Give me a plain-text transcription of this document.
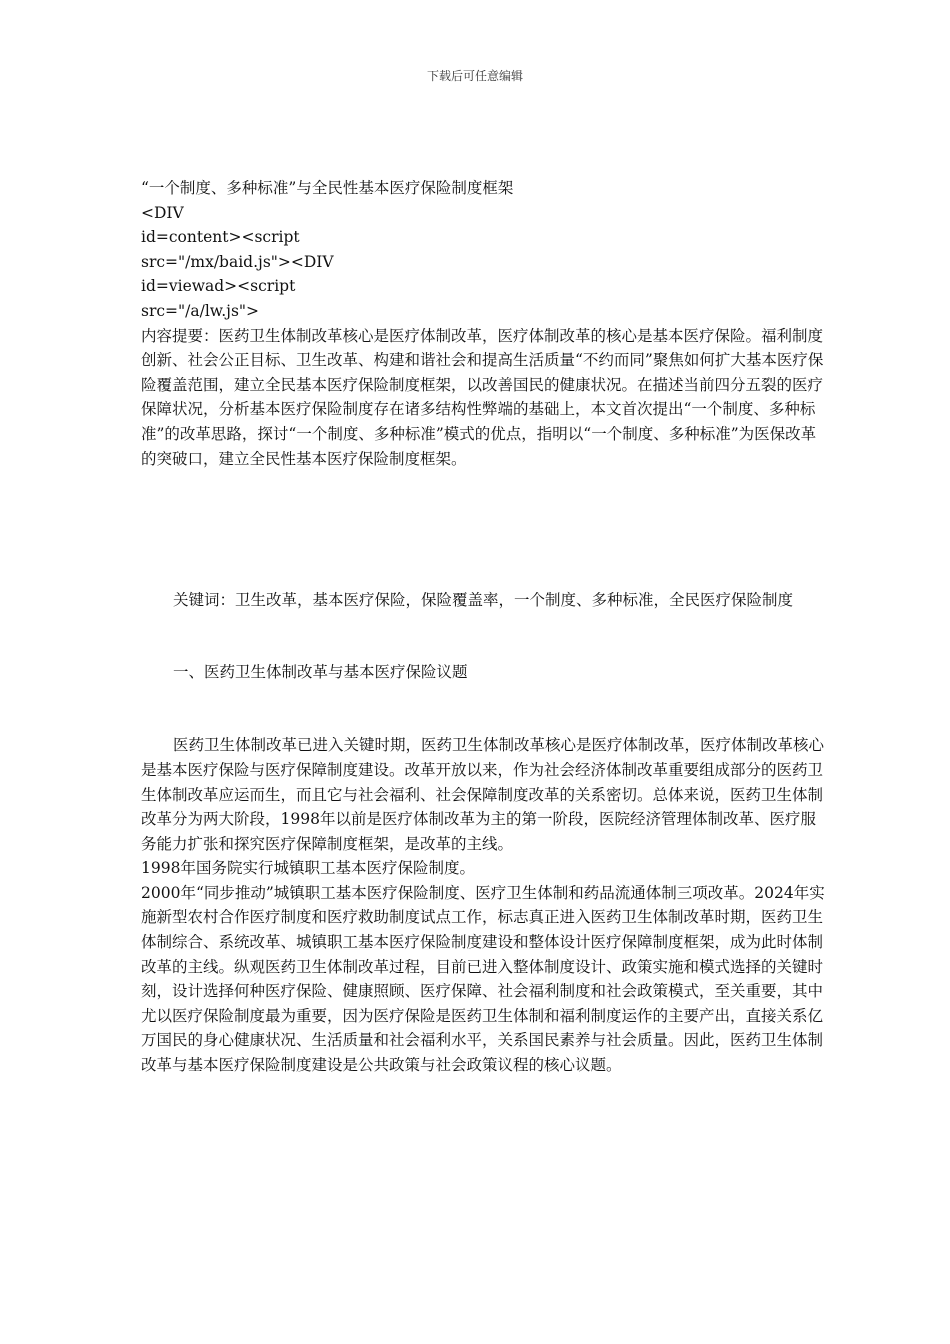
下载后可任意编辑

“一个制度、多种标准”与全民性基本医疗保险制度框架

<DIV

id=content><script

src="/mx/baid.js"><DIV

id=viewad><script

src="/a/lw.js">

内容提要：医药卫生体制改革核心是医疗体制改革，医疗体制改革的核心是基本医疗保险。福利制度创新、社会公正目标、卫生改革、构建和谐社会和提高生活质量“不约而同”聚焦如何扩大基本医疗保险覆盖范围，建立全民基本医疗保险制度框架，以改善国民的健康状况。在描述当前四分五裂的医疗保障状况，分析基本医疗保险制度存在诸多结构性弊端的基础上，本文首次提出“一个制度、多种标准”的改革思路，探讨“一个制度、多种标准”模式的优点，指明以“一个制度、多种标准”为医保改革的突破口，建立全民性基本医疗保险制度框架。

关键词：卫生改革，基本医疗保险，保险覆盖率，一个制度、多种标准，全民医疗保险制度

一、医药卫生体制改革与基本医疗保险议题

医药卫生体制改革已进入关键时期，医药卫生体制改革核心是医疗体制改革，医疗体制改革核心是基本医疗保险与医疗保障制度建设。改革开放以来，作为社会经济体制改革重要组成部分的医药卫生体制改革应运而生，而且它与社会福利、社会保障制度改革的关系密切。总体来说，医药卫生体制改革分为两大阶段，1998年以前是医疗体制改革为主的第一阶段，医院经济管理体制改革、医疗服务能力扩张和探究医疗保障制度框架，是改革的主线。

1998年国务院实行城镇职工基本医疗保险制度。

2000年“同步推动”城镇职工基本医疗保险制度、医疗卫生体制和药品流通体制三项改革。2024年实施新型农村合作医疗制度和医疗救助制度试点工作，标志真正进入医药卫生体制改革时期，医药卫生体制综合、系统改革、城镇职工基本医疗保险制度建设和整体设计医疗保障制度框架，成为此时体制改革的主线。纵观医药卫生体制改革过程，目前已进入整体制度设计、政策实施和模式选择的关键时刻，设计选择何种医疗保险、健康照顾、医疗保障、社会福利制度和社会政策模式，至关重要，其中尤以医疗保险制度最为重要，因为医疗保险是医药卫生体制和福利制度运作的主要产出，直接关系亿万国民的身心健康状况、生活质量和社会福利水平，关系国民素养与社会质量。因此，医药卫生体制改革与基本医疗保险制度建设是公共政策与社会政策议程的核心议题。
